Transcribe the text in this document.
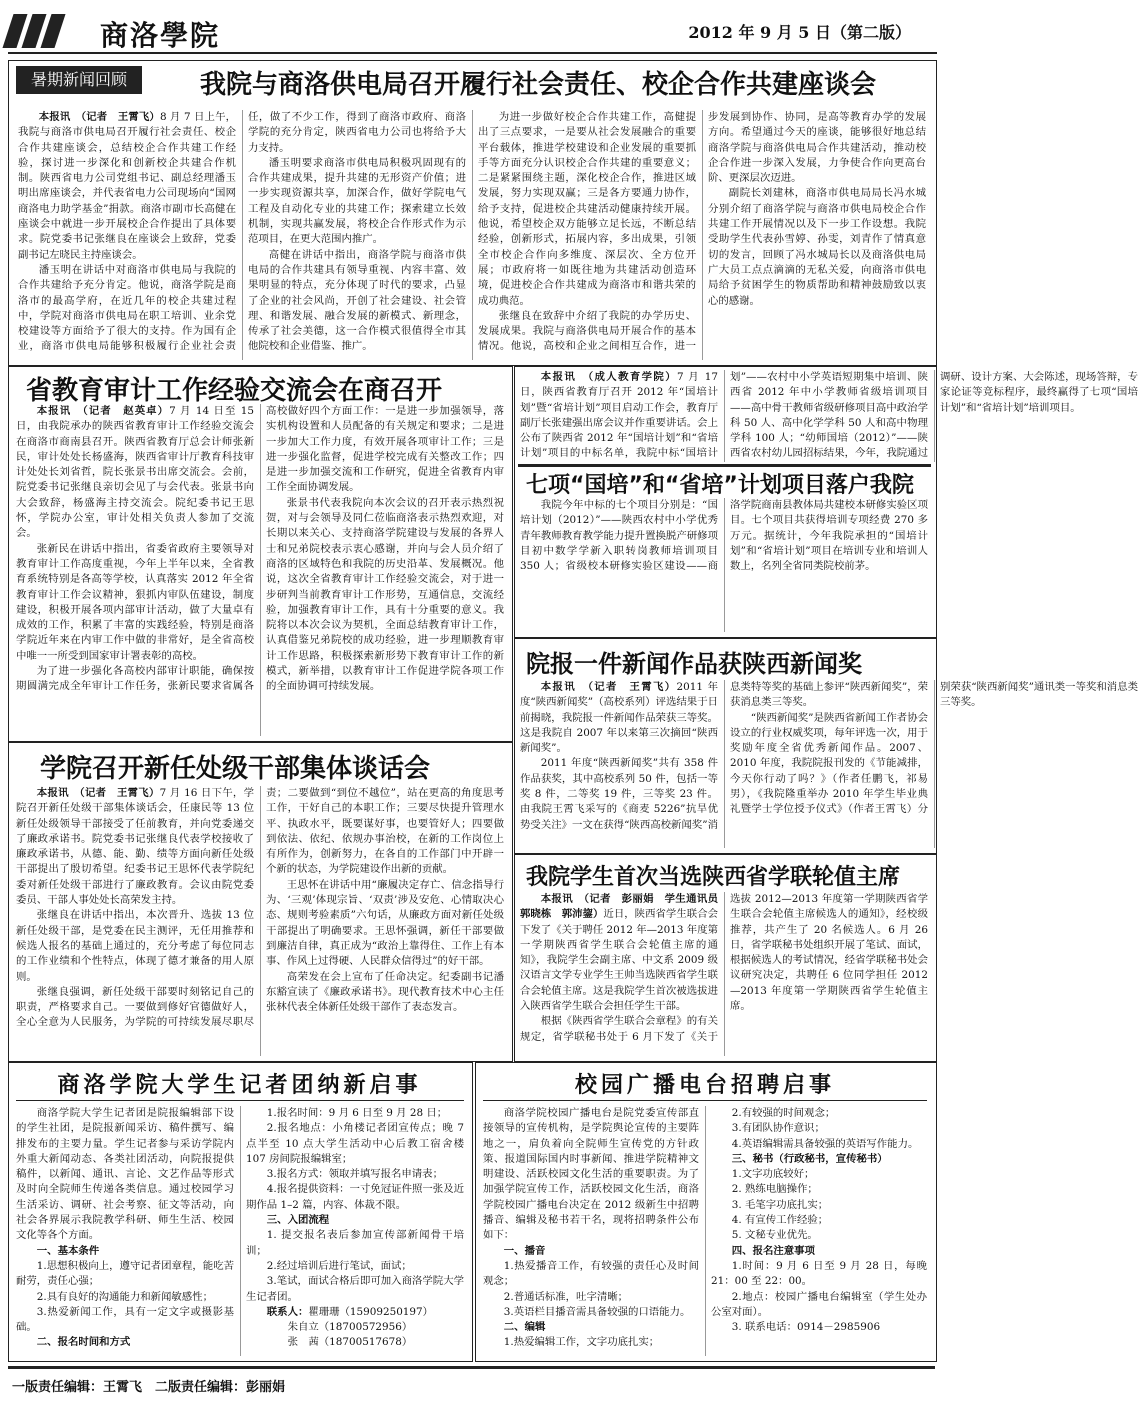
商洛學院	2012 年 9 月 5 日（第二版）
暑期新闻回顾	我院与商洛供电局召开履行社会责任、校企合作共建座谈会

本报讯　（记者　王霄飞）8 月 7 日上午，我院与商洛市供电局召开履行社会责任、校企合作共建座谈会，总结校企合作共建工作经验，探讨进一步深化和创新校企共建合作机制。陕西省电力公司党组书记、副总经理潘玉明出席座谈会，并代表省电力公司现场向“国网商洛电力助学基金”捐款。商洛市副市长高健在座谈会中就进一步开展校企合作提出了具体要求。院党委书记张继良在座谈会上致辞，党委副书记左晓民主持座谈会。

潘玉明在讲话中对商洛市供电局与我院的合作共建给予充分肯定。他说，商洛学院是商洛市的最高学府，在近几年的校企共建过程中，学院对商洛市供电局在职工培训、业余党校建设等方面给予了很大的支持。作为国有企业，商洛市供电局能够积极履行企业社会责任，做了不少工作，得到了商洛市政府、商洛学院的充分肯定，陕西省电力公司也将给予大力支持。

潘玉明要求商洛市供电局积极巩固现有的合作共建成果，提升共建的无形资产价值；进一步实现资源共享，加深合作，做好学院电气工程及自动化专业的共建工作；探索建立长效机制，实现共赢发展，将校企合作形式作为示范项目，在更大范围内推广。

高健在讲话中指出，商洛学院与商洛市供电局的合作共建具有领导重视、内容丰富、效果明显的特点，充分体现了时代的要求，凸显了企业的社会风尚，开创了社会建设、社会管理、和谐发展、融合发展的新模式、新理念，传承了社会美德，这一合作模式很值得全市其他院校和企业借鉴、推广。

为进一步做好校企合作共建工作，高健提出了三点要求，一是要从社会发展融合的重要平台载体，推进学校建设和企业发展的重要抓手等方面充分认识校企合作共建的重要意义；二是紧紧围绕主题，深化校企合作，推进区域发展，努力实现双赢；三是各方要通力协作，给予支持，促进校企共建活动健康持续开展。他说，希望校企双方能够立足长远，不断总结经验，创新形式，拓展内容，多出成果，引领全市校企合作向多维度、深层次、全方位开展；市政府将一如既往地为共建活动创造环境，促进校企合作共建成为商洛市和谐共荣的成功典范。

张继良在致辞中介绍了我院的办学历史、发展成果。我院与商洛供电局开展合作的基本情况。他说，高校和企业之间相互合作，进一步发展到协作、协同，是高等教育办学的发展方向。希望通过今天的座谈，能够很好地总结商洛学院与商洛供电局合作共建活动，推动校企合作进一步深入发展，力争使合作向更高台阶、更深层次迈进。

副院长刘建林，商洛市供电局局长冯水城分别介绍了商洛学院与商洛市供电局校企合作共建工作开展情况以及下一步工作设想。我院受助学生代表孙雪婷、孙雯，刘青作了情真意切的发言，回顾了冯水城局长以及商洛供电局广大员工点点滴滴的无私关爱，向商洛市供电局给予贫困学生的物质帮助和精神鼓励致以衷心的感谢。

省教育审计工作经验交流会在商召开

本报讯　（记者　赵英卓）7 月 14 日至 15 日，由我院承办的陕西省教育审计工作经验交流会在商洛市商南县召开。陕西省教育厅总会计师张新民，审计处处长杨盛海，陕西省审计厅教育科技审计处处长刘省哲，院长张景书出席交流会。会前，院党委书记张继良亲切会见了与会代表。张景书向大会致辞，杨盛海主持交流会。院纪委书记王思怀，学院办公室，审计处相关负责人参加了交流会。

张新民在讲话中指出，省委省政府主要领导对教育审计工作高度重视，今年上半年以来，全省教育系统特别是各高等学校，认真落实 2012 年全省教育审计工作会议精神，狠抓内审队伍建设，制度建设，积极开展各项内部审计活动，做了大量卓有成效的工作，积累了丰富的实践经验，特别是商洛学院近年来在内审工作中做的非常好，是全省高校中唯一一所受到国家审计署表彰的高校。

为了进一步强化各高校内部审计职能，确保按期圆满完成全年审计工作任务，张新民要求省属各高校做好四个方面工作：一是进一步加强领导，落实机构设置和人员配备的有关规定和要求；二是进一步加大工作力度，有效开展各项审计工作；三是进一步强化监督，促进学校完成有关整改工作；四是进一步加强交流和工作研究，促进全省教育内审工作全面协调发展。

张景书代表我院向本次会议的召开表示热烈祝贺，对与会领导及同仁莅临商洛表示热烈欢迎，对长期以来关心、支持商洛学院建设与发展的各界人士和兄弟院校表示衷心感谢，并向与会人员介绍了商洛的区域特色和我院的历史沿革、发展概况。他说，这次全省教育审计工作经验交流会，对于进一步研判当前教育审计工作形势，互通信息，交流经验，加强教育审计工作，具有十分重要的意义。我院将以本次会议为契机，全面总结教育审计工作，认真借鉴兄弟院校的成功经验，进一步理顺教育审计工作思路，积极探索新形势下教育审计工作的新模式，新举措，以教育审计工作促进学院各项工作的全面协调可持续发展。

学院召开新任处级干部集体谈话会

本报讯　（记者　王霄飞）7 月 16 日下午，学院召开新任处级干部集体谈话会，任康民等 13 位新任处级领导干部接受了任前教育，并向党委递交了廉政承诺书。院党委书记张继良代表学校接收了廉政承诺书，从德、能、勤、绩等方面向新任处级干部提出了殷切希望。纪委书记王思怀代表学院纪委对新任处级干部进行了廉政教育。会议由院党委委员、干部人事处处长高荣发主持。

张继良在讲话中指出，本次晋升、选拔 13 位新任处级干部，是党委在民主测评，无任用推荐和候选人报名的基础上通过的，充分考虑了每位同志的工作业绩和个性特点，体现了德才兼备的用人原则。

张继良强调，新任处级干部要时刻铭记自己的职责，严格要求自己。一要做到修好官德做好人，全心全意为人民服务，为学院的可持续发展尽职尽责；二要做到“到位不越位”，站在更高的角度思考工作，干好自己的本职工作；三要尽快提升管理水平、执政水平，既要谋好事，也要管好人；四要做到依法、依纪、依规办事治校，在新的工作岗位上有所作为，创新努力，在各自的工作部门中开辟一个新的状态，为学院建设作出新的贡献。

王思怀在讲话中用“廉履决定存亡、信念指导行为、‘三观’体现宗旨、‘双责’涉及安危、心情取决心态、规则考验素质”六句话，从廉政方面对新任处级干部提出了明确要求。王思怀强调，新任干部要做到廉洁自律，真正成为“政治上靠得住、工作上有本事、作风上过得硬、人民群众信得过”的好干部。

高荣发在会上宣布了任命决定。纪委副书记潘东豁宣读了《廉政承诺书》。现代教育技术中心主任张林代表全体新任处级干部作了表态发言。

本报讯　（成人教育学院）7 月 17 日，陕西省教育厅召开 2012 年“国培计划”暨“省培计划”项目启动工作会，教育厅副厅长张建强出席会议并作重要讲话。会上公布了陕西省 2012 年“国培计划”和“省培计划”项目的中标名单，我院中标“国培计划”——农村中小学英语短期集中培训、陕西省 2012 年中小学教师省级培训项目——高中骨干教师省级研修项目高中政治学科 50 人、高中化学学科 50 人和高中物理学科 100 人；“幼师国培（2012）”——陕西省农村幼儿园招标结果，今年，我院通过调研、设计方案、大会陈述，现场答辩，专家论证等竞标程序，最终赢得了七项“国培计划”和“省培计划”培训项目。

七项“国培”和“省培”计划项目落户我院

我院今年中标的七个项目分别是：“国培计划（2012）”——陕西农村中小学优秀青年教师教育教学能力提升置换脱产研修项目初中数学学新入职转岗教师培训项目 350 人；省级校本研修实验区建设——商洛学院商南县教体局共建校本研修实验区项目。七个项目共获得培训专项经费 270 多万元。据统计，今年我院承担的“国培计划”和“省培计划”项目在培训专业和培训人数上，名列全省同类院校前茅。

院报一件新闻作品获陕西新闻奖

本报讯　（记者　王霄飞）2011 年度“陕西新闻奖”（高校系列）评选结果于日前揭晓，我院报一件新闻作品荣获三等奖。这是我院自 2007 年以来第三次摘回“陕西新闻奖”。

2011 年度“陕西新闻奖”共有 358 件作品获奖，其中高校系列 50 件，包括一等奖 8 件，二等奖 19 件，三等奖 23 件。由我院王霄飞采写的《商麦 5226”抗旱优势受关注》一文在获得“陕西高校新闻奖”消息类特等奖的基础上参评“陕西新闻奖”，荣获消息类三等奖。

“陕西新闻奖”是陕西省新闻工作者协会设立的行业权威奖项，每年评选一次，用于奖励年度全省优秀新闻作品。2007、2010 年度，我院院报刊发的《节能减排，今天你行动了吗？》（作者任鹏飞，祁易男），《我院隆重举办 2010 年学生毕业典礼暨学士学位授予仪式》（作者王霄飞）分别荣获“陕西新闻奖”通讯类一等奖和消息类三等奖。

我院学生首次当选陕西省学联轮值主席

本报讯　（记者　彭丽娟　学生通讯员　郭晓栋　郭沛鋆）近日，陕西省学生联合会下发了《关于聘任 2012 年—2013 年度第一学期陕西省学生联合会轮值主席的通知》，我院学生会副主席、中文系 2009 级汉语言文学专业学生王帅当选陕西省学生联合会轮值主席。这是我院学生首次被选拔进入陕西省学生联合会担任学生干部。

根据《陕西省学生联合会章程》的有关规定，省学联秘书处于 6 月下发了《关于选拔 2012—2013 年度第一学期陕西省学生联合会轮值主席候选人的通知》，经校级推荐，共产生了 20 名候选人。6 月 26 日，省学联秘书处组织开展了笔试、面试，根据候选人的考试情况，经省学联秘书处会议研究决定，共聘任 6 位同学担任 2012—2013 年度第一学期陕西省学生轮值主席。

商洛学院大学生记者团纳新启事

商洛学院大学生记者团是院报编辑部下设的学生社团，是院报新闻采访、稿件撰写、编排发布的主要力量。学生记者参与采访学院内外重大新闻动态、各类社团活动，向院报提供稿件，以新闻、通讯、言论、文艺作品等形式及时向全院师生传递各类信息。通过校园学习生活采访、调研、社会考察、征文等活动，向社会各界展示我院教学科研、师生生活、校园文化等各个方面。

一、基本条件

1.思想积极向上，遵守记者团章程，能吃苦耐劳，责任心强；

2.具有良好的沟通能力和新闻敏感性；

3.热爱新闻工作，具有一定文字或摄影基础。

二、报名时间和方式

1.报名时间：9 月 6 日至 9 月 28 日；

2.报名地点：小角楼记者团宣传点；晚 7 点半至 10 点大学生活动中心后教工宿舍楼 107 房间院报编辑室；

3.报名方式：领取并填写报名申请表；

4.报名提供资料：一寸免冠证件照一张及近期作品 1–2 篇，内容、体裁不限。

三、入团流程

1. 提交报名表后参加宣传部新闻骨干培训；

2.经过培训后进行笔试，面试；

3.笔试，面试合格后即可加入商洛学院大学生记者团。

联系人：瞿珊珊（15909250197）

朱自立（18700572956）

张　茜（18700517678）

校园广播电台招聘启事

商洛学院校园广播电台是院党委宣传部直接领导的宣传机构，是学院舆论宣传的主要阵地之一，肩负着向全院师生宣传党的方针政策、报道国际国内时事新闻、推进学院精神文明建设、活跃校园文化生活的重要职责。为了加强学院宣传工作，活跃校园文化生活，商洛学院校园广播电台决定在 2012 级新生中招聘播音、编辑及秘书若干名，现将招聘条件公布如下：

一、播音

1.热爱播音工作，有较强的责任心及时间观念；

2.普通话标准，吐字清晰；

3.英语栏目播音需具备较强的口语能力。

二、编辑

1.热爱编辑工作，文字功底扎实；

2.有较强的时间观念；

3.有团队协作意识；

4.英语编辑需具备较强的英语写作能力。

三、秘书（行政秘书，宣传秘书）

1.文字功底较好；

2. 熟练电脑操作；

3. 毛笔字功底扎实；

4. 有宣传工作经验；

5. 文秘专业优先。

四、报名注意事项

1.时间：9 月 6 日至 9 月 28 日，每晚 21：00 至 22：00。

2.地点：校园广播电台编辑室（学生处办公室对面）。

3. 联系电话：0914－2985906

一版责任编辑：王霄飞　二版责任编辑：彭丽娟
